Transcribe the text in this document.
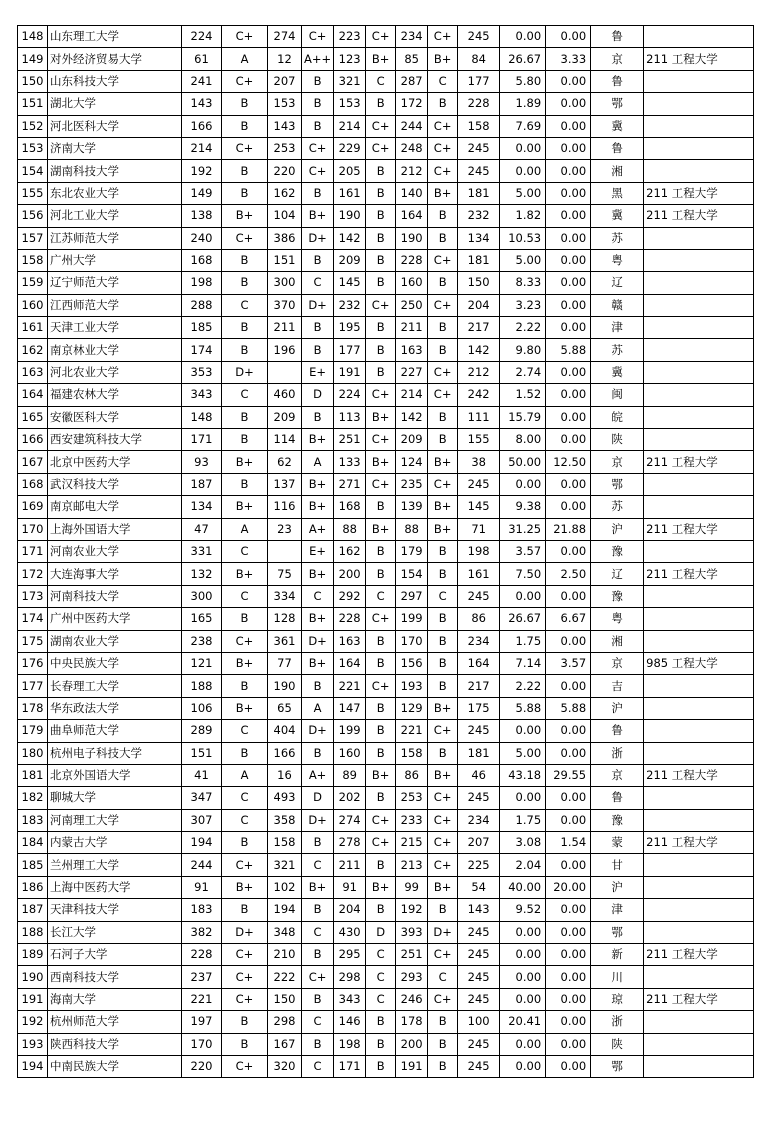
148	山东理工大学	224	C+	274	C+	223	C+	234	C+	245	0.00	0.00	鲁	
149	对外经济贸易大学	61	A	12	A++	123	B+	85	B+	84	26.67	3.33	京	211 工程大学
150	山东科技大学	241	C+	207	B	321	C	287	C	177	5.80	0.00	鲁	
151	湖北大学	143	B	153	B	153	B	172	B	228	1.89	0.00	鄂	
152	河北医科大学	166	B	143	B	214	C+	244	C+	158	7.69	0.00	冀	
153	济南大学	214	C+	253	C+	229	C+	248	C+	245	0.00	0.00	鲁	
154	湖南科技大学	192	B	220	C+	205	B	212	C+	245	0.00	0.00	湘	
155	东北农业大学	149	B	162	B	161	B	140	B+	181	5.00	0.00	黑	211 工程大学
156	河北工业大学	138	B+	104	B+	190	B	164	B	232	1.82	0.00	冀	211 工程大学
157	江苏师范大学	240	C+	386	D+	142	B	190	B	134	10.53	0.00	苏	
158	广州大学	168	B	151	B	209	B	228	C+	181	5.00	0.00	粤	
159	辽宁师范大学	198	B	300	C	145	B	160	B	150	8.33	0.00	辽	
160	江西师范大学	288	C	370	D+	232	C+	250	C+	204	3.23	0.00	赣	
161	天津工业大学	185	B	211	B	195	B	211	B	217	2.22	0.00	津	
162	南京林业大学	174	B	196	B	177	B	163	B	142	9.80	5.88	苏	
163	河北农业大学	353	D+		E+	191	B	227	C+	212	2.74	0.00	冀	
164	福建农林大学	343	C	460	D	224	C+	214	C+	242	1.52	0.00	闽	
165	安徽医科大学	148	B	209	B	113	B+	142	B	111	15.79	0.00	皖	
166	西安建筑科技大学	171	B	114	B+	251	C+	209	B	155	8.00	0.00	陕	
167	北京中医药大学	93	B+	62	A	133	B+	124	B+	38	50.00	12.50	京	211 工程大学
168	武汉科技大学	187	B	137	B+	271	C+	235	C+	245	0.00	0.00	鄂	
169	南京邮电大学	134	B+	116	B+	168	B	139	B+	145	9.38	0.00	苏	
170	上海外国语大学	47	A	23	A+	88	B+	88	B+	71	31.25	21.88	沪	211 工程大学
171	河南农业大学	331	C		E+	162	B	179	B	198	3.57	0.00	豫	
172	大连海事大学	132	B+	75	B+	200	B	154	B	161	7.50	2.50	辽	211 工程大学
173	河南科技大学	300	C	334	C	292	C	297	C	245	0.00	0.00	豫	
174	广州中医药大学	165	B	128	B+	228	C+	199	B	86	26.67	6.67	粤	
175	湖南农业大学	238	C+	361	D+	163	B	170	B	234	1.75	0.00	湘	
176	中央民族大学	121	B+	77	B+	164	B	156	B	164	7.14	3.57	京	985 工程大学
177	长春理工大学	188	B	190	B	221	C+	193	B	217	2.22	0.00	吉	
178	华东政法大学	106	B+	65	A	147	B	129	B+	175	5.88	5.88	沪	
179	曲阜师范大学	289	C	404	D+	199	B	221	C+	245	0.00	0.00	鲁	
180	杭州电子科技大学	151	B	166	B	160	B	158	B	181	5.00	0.00	浙	
181	北京外国语大学	41	A	16	A+	89	B+	86	B+	46	43.18	29.55	京	211 工程大学
182	聊城大学	347	C	493	D	202	B	253	C+	245	0.00	0.00	鲁	
183	河南理工大学	307	C	358	D+	274	C+	233	C+	234	1.75	0.00	豫	
184	内蒙古大学	194	B	158	B	278	C+	215	C+	207	3.08	1.54	蒙	211 工程大学
185	兰州理工大学	244	C+	321	C	211	B	213	C+	225	2.04	0.00	甘	
186	上海中医药大学	91	B+	102	B+	91	B+	99	B+	54	40.00	20.00	沪	
187	天津科技大学	183	B	194	B	204	B	192	B	143	9.52	0.00	津	
188	长江大学	382	D+	348	C	430	D	393	D+	245	0.00	0.00	鄂	
189	石河子大学	228	C+	210	B	295	C	251	C+	245	0.00	0.00	新	211 工程大学
190	西南科技大学	237	C+	222	C+	298	C	293	C	245	0.00	0.00	川	
191	海南大学	221	C+	150	B	343	C	246	C+	245	0.00	0.00	琼	211 工程大学
192	杭州师范大学	197	B	298	C	146	B	178	B	100	20.41	0.00	浙	
193	陕西科技大学	170	B	167	B	198	B	200	B	245	0.00	0.00	陕	
194	中南民族大学	220	C+	320	C	171	B	191	B	245	0.00	0.00	鄂	
